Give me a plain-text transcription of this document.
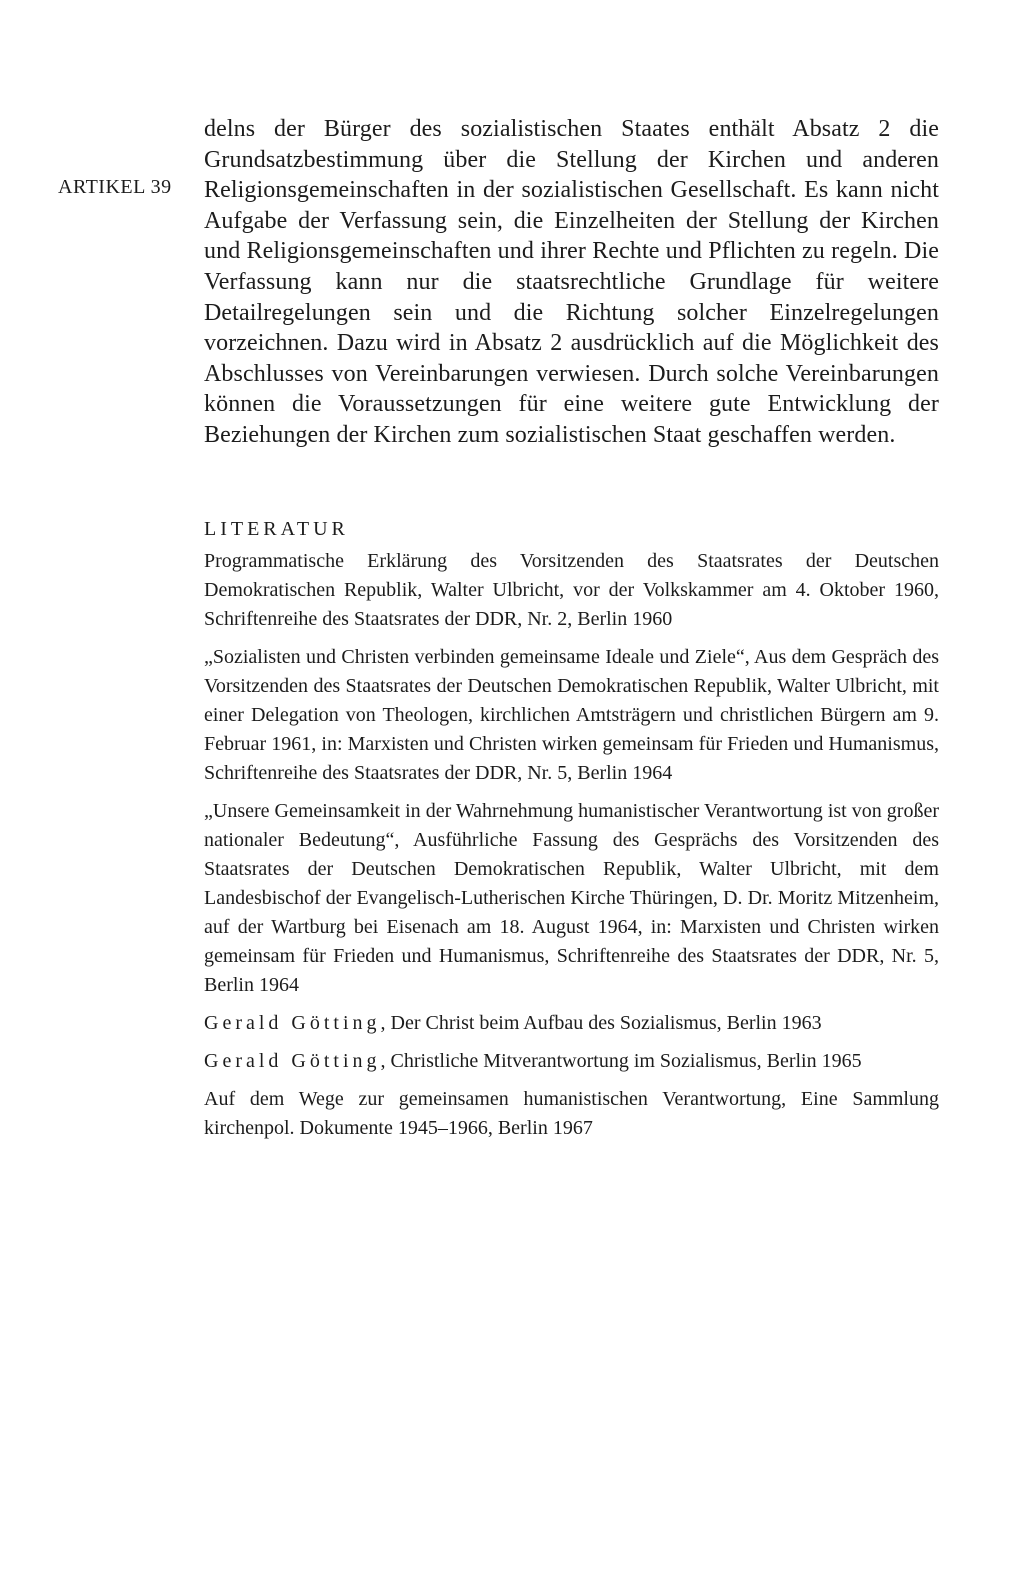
ARTIKEL 39

delns der Bürger des sozialistischen Staates enthält Absatz 2 die Grundsatzbestimmung über die Stellung der Kirchen und anderen Religionsgemeinschaften in der sozialistischen Gesellschaft. Es kann nicht Aufgabe der Verfassung sein, die Einzelheiten der Stellung der Kirchen und Religionsgemeinschaften und ihrer Rechte und Pflichten zu regeln. Die Verfassung kann nur die staatsrechtliche Grundlage für weitere Detailregelungen sein und die Richtung solcher Einzelregelungen vorzeichnen. Dazu wird in Absatz 2 ausdrücklich auf die Möglichkeit des Abschlusses von Vereinbarungen verwiesen. Durch solche Vereinbarungen können die Voraussetzungen für eine weitere gute Entwicklung der Beziehungen der Kirchen zum sozialistischen Staat geschaffen werden.

LITERATUR

Programmatische Erklärung des Vorsitzenden des Staatsrates der Deutschen Demokratischen Republik, Walter Ulbricht, vor der Volkskammer am 4. Oktober 1960, Schriftenreihe des Staatsrates der DDR, Nr. 2, Berlin 1960

„Sozialisten und Christen verbinden gemeinsame Ideale und Ziele“, Aus dem Gespräch des Vorsitzenden des Staatsrates der Deutschen Demokratischen Republik, Walter Ulbricht, mit einer Delegation von Theologen, kirchlichen Amtsträgern und christlichen Bürgern am 9. Februar 1961, in: Marxisten und Christen wirken gemeinsam für Frieden und Humanismus, Schriftenreihe des Staatsrates der DDR, Nr. 5, Berlin 1964

„Unsere Gemeinsamkeit in der Wahrnehmung humanistischer Verantwortung ist von großer nationaler Bedeutung“, Ausführliche Fassung des Gesprächs des Vorsitzenden des Staatsrates der Deutschen Demokratischen Republik, Walter Ulbricht, mit dem Landesbischof der Evangelisch-Lutherischen Kirche Thüringen, D. Dr. Moritz Mitzenheim, auf der Wartburg bei Eisenach am 18. August 1964, in: Marxisten und Christen wirken gemeinsam für Frieden und Humanismus, Schriftenreihe des Staatsrates der DDR, Nr. 5, Berlin 1964

Gerald Götting, Der Christ beim Aufbau des Sozialismus, Berlin 1963

Gerald Götting, Christliche Mitverantwortung im Sozialismus, Berlin 1965

Auf dem Wege zur gemeinsamen humanistischen Verantwortung, Eine Sammlung kirchenpol. Dokumente 1945–1966, Berlin 1967
